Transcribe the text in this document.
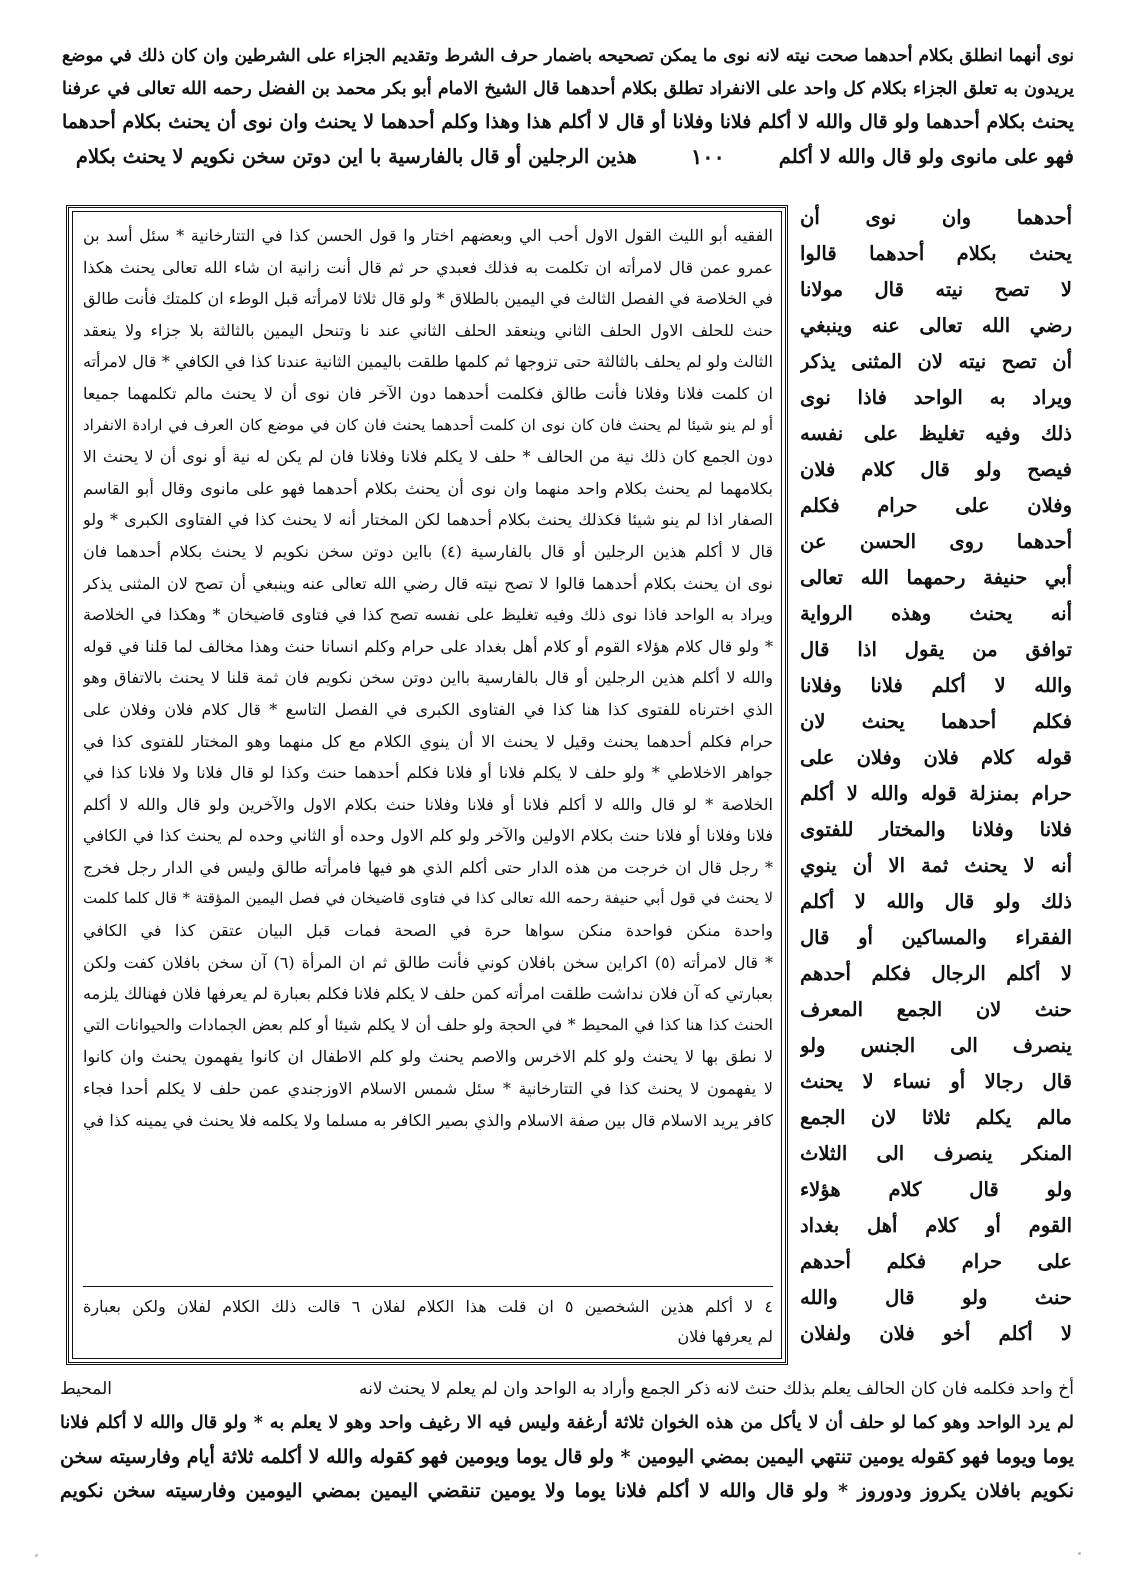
نوى أنهما انطلق بكلام أحدهما صحت نيته لانه نوى ما يمكن تصحيحه باضمار حرف الشرط وتقديم الجزاء على الشرطين وان كان ذلك في موضع
يريدون به تعلق الجزاء بكلام كل واحد على الانفراد تطلق بكلام أحدهما قال الشيخ الامام أبو بكر محمد بن الفضل رحمه الله تعالى في عرفنا
يحنث بكلام أحدهما ولو قال والله لا أكلم فلانا وفلانا أو قال لا أكلم هذا وهذا وكلم أحدهما لا يحنث وان نوى أن يحنث بكلام أحدهما
فهو على مانوى ولو قال والله لا أكلم
١٠٠
هذين الرجلين أو قال بالفارسية با اين دوتن سخن نكويم لا يحنث بكلام
أحدهما وان نوى أن
يحنث بكلام أحدهما قالوا
لا تصح نيته قال مولانا
رضي الله تعالى عنه وينبغي
أن تصح نيته لان المثنى يذكر
ويراد به الواحد فاذا نوى
ذلك وفيه تغليظ على نفسه
فيصح ولو قال كلام فلان
وفلان على حرام فكلم
أحدهما روى الحسن عن
أبي حنيفة رحمهما الله تعالى
أنه يحنث وهذه الرواية
توافق من يقول اذا قال
والله لا أكلم فلانا وفلانا
فكلم أحدهما يحنث لان
قوله كلام فلان وفلان على
حرام بمنزلة قوله والله لا أكلم
فلانا وفلانا والمختار للفتوى
أنه لا يحنث ثمة الا أن ينوي
ذلك ولو قال والله لا أكلم
الفقراء والمساكين أو قال
لا أكلم الرجال فكلم أحدهم
حنث لان الجمع المعرف
ينصرف الى الجنس ولو
قال رجالا أو نساء لا يحنث
مالم يكلم ثلاثا لان الجمع
المنكر ينصرف الى الثلاث
ولو قال كلام هؤلاء
القوم أو كلام أهل بغداد
على حرام فكلم أحدهم
حنث ولو قال والله
لا أكلم أخو فلان ولفلان
الفقيه أبو الليث القول الاول أحب الي وبعضهم اختار وا قول الحسن كذا في التتارخانية * سئل أسد بن
عمرو عمن قال لامرأته ان تكلمت به فذلك فعبدي حر ثم قال أنت زانية ان شاء الله تعالى يحنث هكذا
في الخلاصة في الفصل الثالث في اليمين بالطلاق * ولو قال ثلاثا لامرأته قبل الوطء ان كلمتك فأنت طالق
حنث للحلف الاول الحلف الثاني وينعقد الحلف الثاني عند نا وتنحل اليمين بالثالثة بلا جزاء ولا ينعقد
الثالث ولو لم يحلف بالثالثة حتى تزوجها ثم كلمها طلقت باليمين الثانية عندنا كذا في الكافي * قال لامرأته
ان كلمت فلانا وفلانا فأنت طالق فكلمت أحدهما دون الآخر فان نوى أن لا يحنث مالم تكلمهما جميعا
أو لم ينو شيئا لم يحنث فان كان نوى ان كلمت أحدهما يحنث فان كان في موضع كان العرف في ارادة الانفراد
دون الجمع كان ذلك نية من الحالف * حلف لا يكلم فلانا وفلانا فان لم يكن له نية أو نوى أن لا يحنث الا
بكلامهما لم يحنث بكلام واحد منهما وان نوى أن يحنث بكلام أحدهما فهو على مانوى وقال أبو القاسم
الصفار اذا لم ينو شيئا فكذلك يحنث بكلام أحدهما لكن المختار أنه لا يحنث كذا في الفتاوى الكبرى * ولو
قال لا أكلم هذين الرجلين أو قال بالفارسية (٤) بااين دوتن سخن نكويم لا يحنث بكلام أحدهما فان
نوى ان يحنث بكلام أحدهما قالوا لا تصح نيته قال رضي الله تعالى عنه وينبغي أن تصح لان المثنى يذكر
ويراد به الواحد فاذا نوى ذلك وفيه تغليظ على نفسه تصح كذا في فتاوى قاضيخان * وهكذا في الخلاصة
* ولو قال كلام هؤلاء القوم أو كلام أهل بغداد على حرام وكلم انسانا حنث وهذا مخالف لما قلنا في قوله
والله لا أكلم هذين الرجلين أو قال بالفارسية بااين دوتن سخن نكويم فان ثمة قلنا لا يحنث بالاتفاق وهو
الذي اخترناه للفتوى كذا هنا كذا في الفتاوى الكبرى في الفصل التاسع * قال كلام فلان وفلان على
حرام فكلم أحدهما يحنث وقيل لا يحنث الا أن ينوي الكلام مع كل منهما وهو المختار للفتوى كذا في
جواهر الاخلاطي * ولو حلف لا يكلم فلانا أو فلانا فكلم أحدهما حنث وكذا لو قال فلانا ولا فلانا كذا في
الخلاصة * لو قال والله لا أكلم فلانا أو فلانا وفلانا حنث بكلام الاول والآخرين ولو قال والله لا أكلم
فلانا وفلانا أو فلانا حنث بكلام الاولين والآخر ولو كلم الاول وحده أو الثاني وحده لم يحنث كذا في الكافي
* رجل قال ان خرجت من هذه الدار حتى أكلم الذي هو فيها فامرأته طالق وليس في الدار رجل فخرج
لا يحنث في قول أبي حنيفة رحمه الله تعالى كذا في فتاوى قاضيخان في فصل اليمين المؤقتة * قال كلما كلمت
واحدة منكن فواحدة منكن سواها حرة في الصحة فمات قبل البيان عتقن كذا في الكافي
* قال لامرأته (٥) اكراين سخن بافلان كوني فأنت طالق ثم ان المرأة (٦) آن سخن بافلان كفت ولكن
بعبارتي كه آن فلان نداشت طلقت امرأته كمن حلف لا يكلم فلانا فكلم بعبارة لم يعرفها فلان فهنالك يلزمه
الحنث كذا هنا كذا في المحيط * في الحجة ولو حلف أن لا يكلم شيئا أو كلم بعض الجمادات والحيوانات التي
لا نطق بها لا يحنث ولو كلم الاخرس والاصم يحنث ولو كلم الاطفال ان كانوا يفهمون يحنث وان كانوا
لا يفهمون لا يحنث كذا في التتارخانية * سئل شمس الاسلام الاوزجندي عمن حلف لا يكلم أحدا فجاء
كافر يريد الاسلام قال بين صفة الاسلام والذي بصير الكافر به مسلما ولا يكلمه فلا يحنث في يمينه كذا في
٤ لا أكلم هذين الشخصين ٥ ان قلت هذا الكلام لفلان ٦ قالت ذلك الكلام لفلان ولكن بعبارة
لم يعرفها فلان
أخ واحد فكلمه فان كان الحالف يعلم بذلك حنث لانه ذكر الجمع وأراد به الواحد وان لم يعلم لا يحنث لانه
المحيط
لم يرد الواحد وهو كما لو حلف أن لا يأكل من هذه الخوان ثلاثة أرغفة وليس فيه الا رغيف واحد وهو لا يعلم به * ولو قال والله لا أكلم فلانا
يوما ويوما فهو كقوله يومين تنتهي اليمين بمضي اليومين * ولو قال يوما ويومين فهو كقوله والله لا أكلمه ثلاثة أيام وفارسيته سخن
نكويم بافلان يكروز ودوروز * ولو قال والله لا أكلم فلانا يوما ولا يومين تنقضي اليمين بمضي اليومين وفارسيته سخن نكويم
